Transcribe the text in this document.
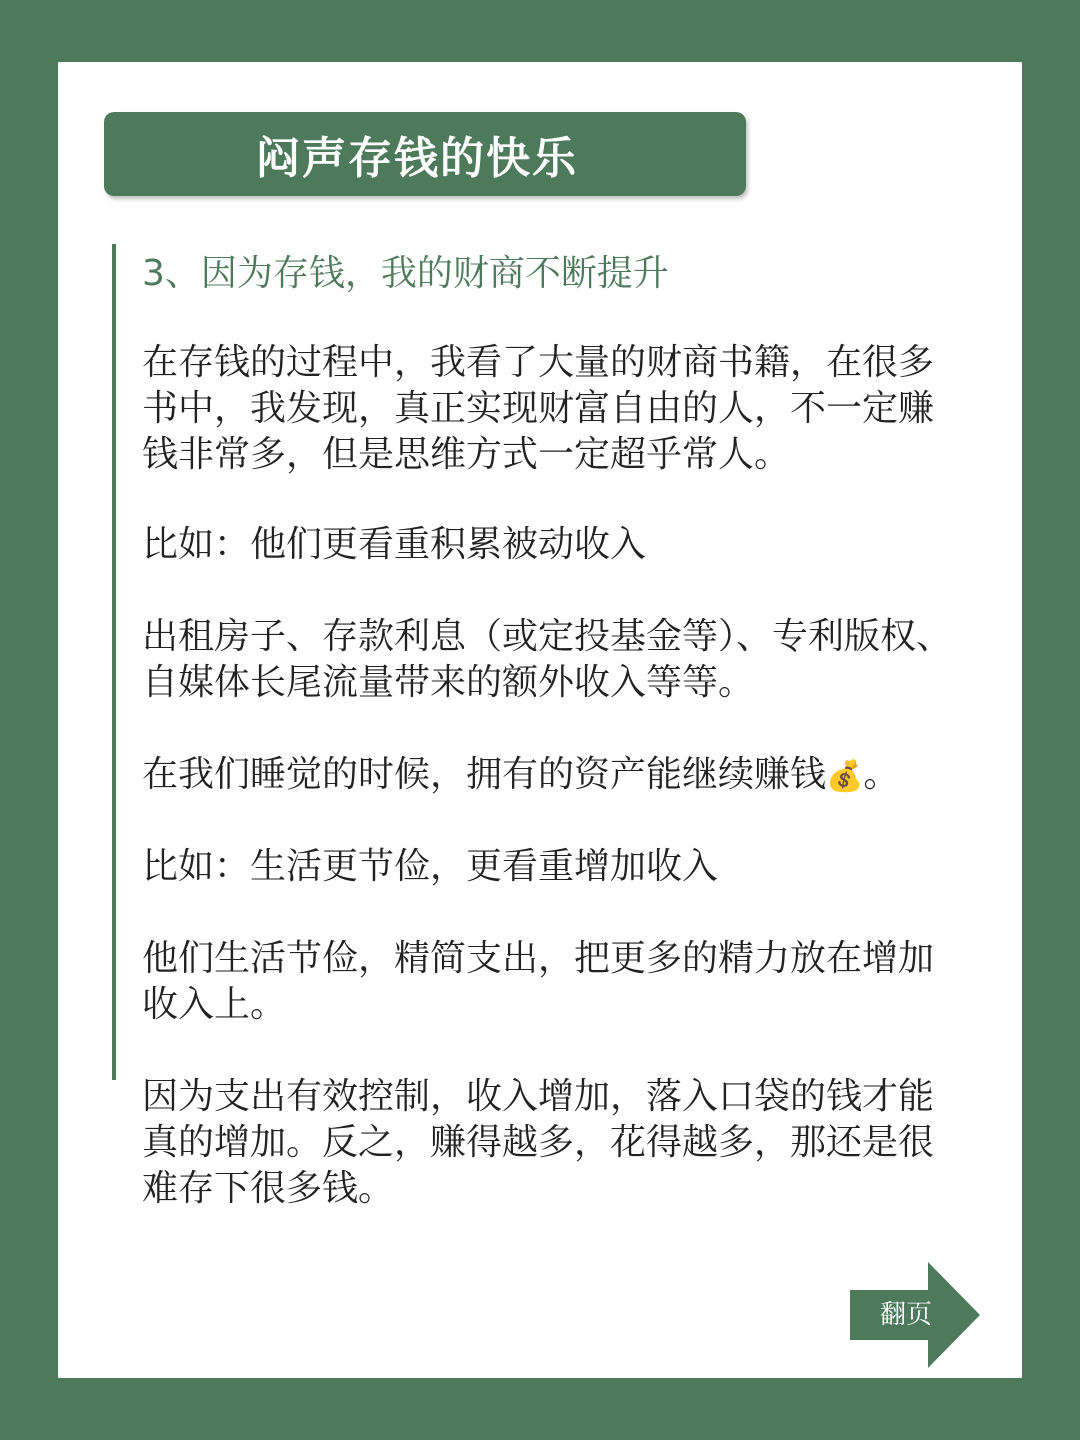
闷声存钱的快乐
3、因为存钱，我的财商不断提升

在存钱的过程中，我看了大量的财商书籍，在很多书中，我发现，真正实现财富自由的人，不一定赚钱非常多，但是思维方式一定超乎常人。

比如：他们更看重积累被动收入

出租房子、存款利息（或定投基金等）、专利版权、自媒体长尾流量带来的额外收入等等。

在我们睡觉的时候，拥有的资产能继续赚钱💰。

比如：生活更节俭，更看重增加收入

他们生活节俭，精简支出，把更多的精力放在增加收入上。

因为支出有效控制，收入增加，落入口袋的钱才能真的增加。反之，赚得越多，花得越多，那还是很难存下很多钱。

翻页
